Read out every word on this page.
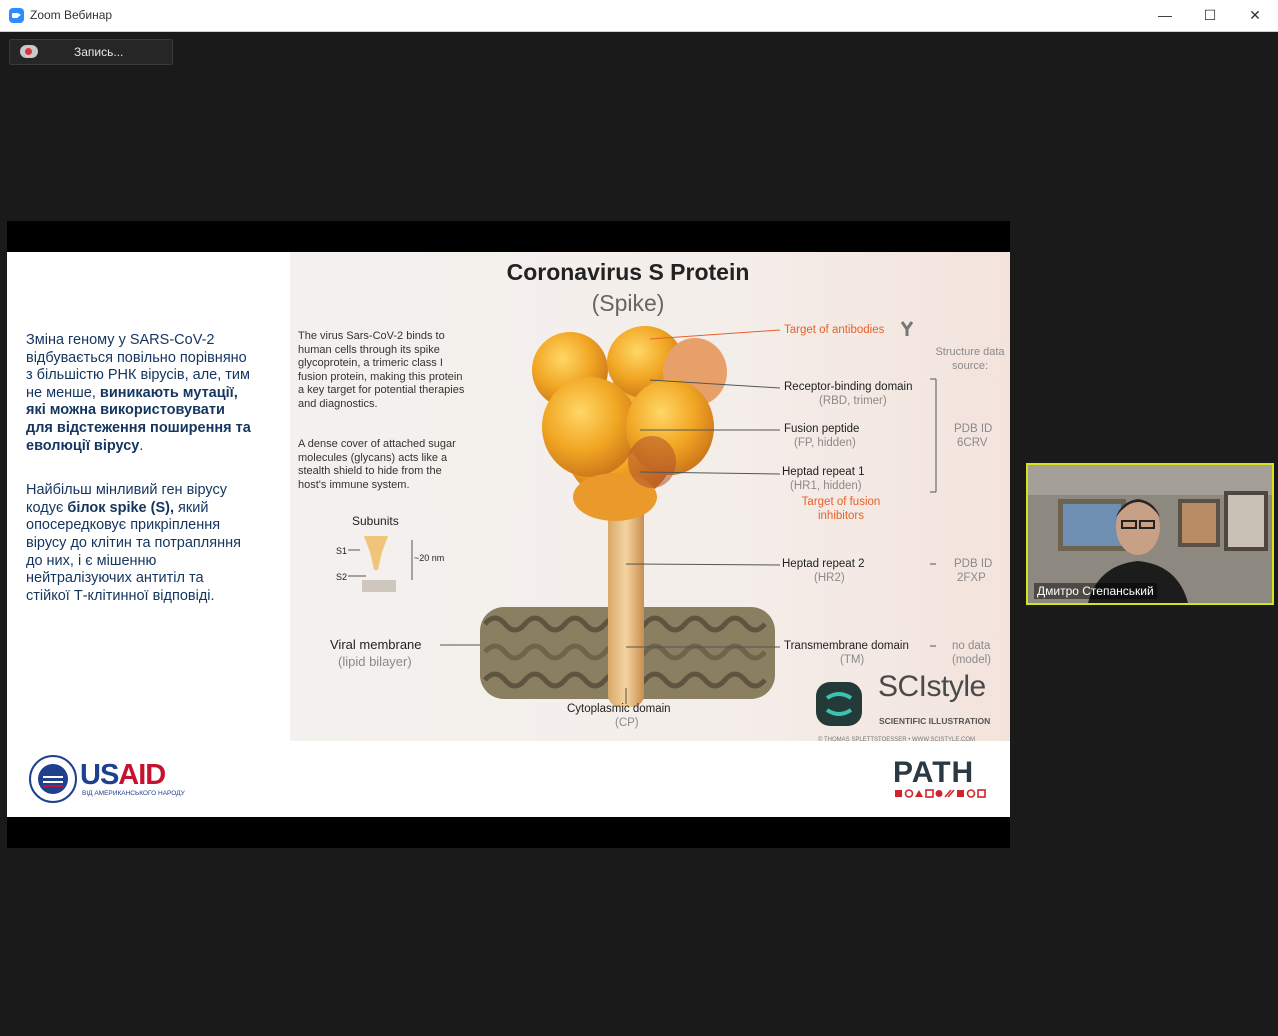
Zoom Вебинар	—	☐	✕
Запись...

Зміна геному у SARS-CoV-2 відбувається повільно порівняно з більшістю РНК вірусів, але, тим не менше, виникають мутації, які можна використовувати для відстеження поширення та еволюції вірусу.

Найбільш мінливий ген вірусу кодує білок spike (S), який опосередковує прикріплення вірусу до клітин та потрапляння до них, і є мішенню нейтралізуючих антитіл та стійкої Т-клітинної відповіді.

Coronavirus S Protein
(Spike)
The virus Sars-CoV-2 binds to human cells through its spike glycoprotein, a trimeric class I fusion protein, making this protein a key target for potential therapies and diagnostics.
A dense cover of attached sugar molecules (glycans) acts like a stealth shield to hide from the host's immune system.
Subunits
S1
S2
~20 nm
Target of antibodies
Structure data source:
Receptor-binding domain
(RBD, trimer)
Fusion peptide
(FP, hidden)
Heptad repeat 1
(HR1, hidden)
Target of fusion inhibitors
PDB ID
6CRV
Heptad repeat 2
(HR2)
PDB ID
2FXP
Viral membrane
(lipid bilayer)
Transmembrane domain
(TM)
no data
(model)
Cytoplasmic domain
(CP)
SCIstyle
SCIENTIFIC ILLUSTRATION
© THOMAS SPLETTSTOESSER • WWW.SCISTYLE.COM
USAID
ВІД АМЕРИКАНСЬКОГО НАРОДУ
PATH
Дмитро Степанський
